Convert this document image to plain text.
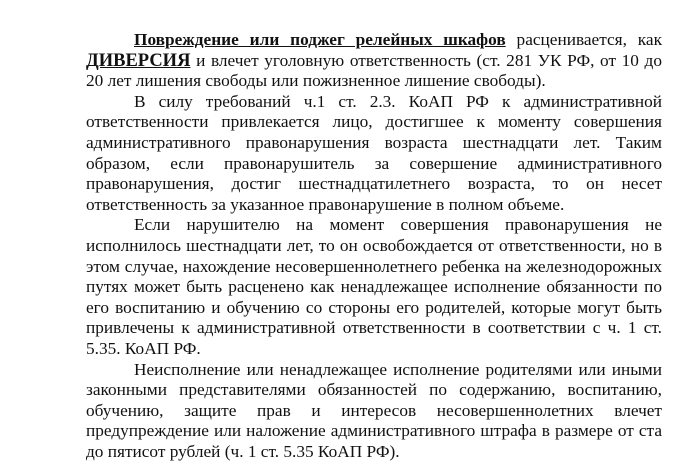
Повреждение или поджег релейных шкафов расценивается, как ДИВЕРСИЯ и влечет уголовную ответственность (ст. 281 УК РФ, от 10 до 20 лет лишения свободы или пожизненное лишение свободы).

В силу требований ч.1 ст. 2.3. КоАП РФ к административной ответственности привлекается лицо, достигшее к моменту совершения административного правонарушения возраста шестнадцати лет. Таким образом, если правонарушитель за совершение административного правонарушения, достиг шестнадцатилетнего возраста, то он несет ответственность за указанное правонарушение в полном объеме.

Если нарушителю на момент совершения правонарушения не исполнилось шестнадцати лет, то он освобождается от ответственности, но в этом случае, нахождение несовершеннолетнего ребенка на железнодорожных путях может быть расценено как ненадлежащее исполнение обязанности по его воспитанию и обучению со стороны его родителей, которые могут быть привлечены к административной ответственности в соответствии с ч. 1 ст. 5.35. КоАП РФ.

Неисполнение или ненадлежащее исполнение родителями или иными законными представителями обязанностей по содержанию, воспитанию, обучению, защите прав и интересов несовершеннолетних влечет предупреждение или наложение административного штрафа в размере от ста до пятисот рублей (ч. 1 ст. 5.35 КоАП РФ).
